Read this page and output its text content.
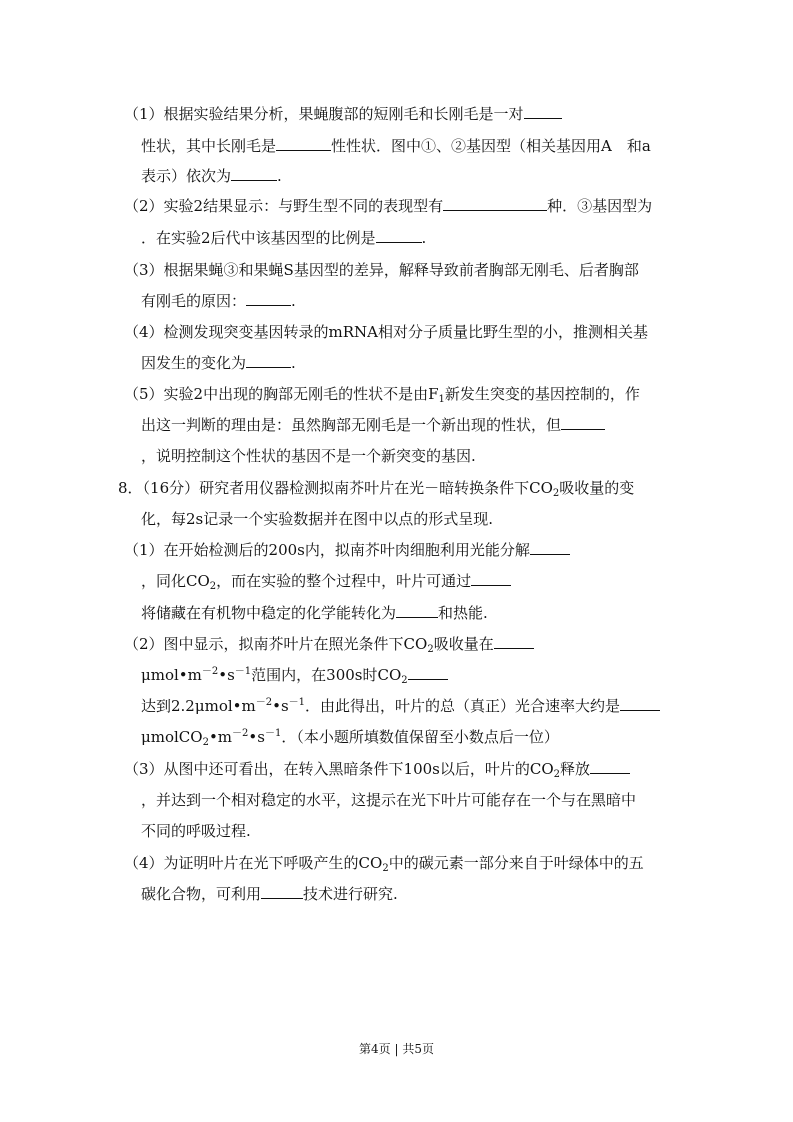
（1）根据实验结果分析，果蝇腹部的短刚毛和长刚毛是一对
性状，其中长刚毛是	性性状．图中①、②基因型（相关基因用A　和a
表示）依次为	.
（2）实验2结果显示：与野生型不同的表现型有	种．③基因型为
．在实验2后代中该基因型的比例是	.
（3）根据果蝇③和果蝇S基因型的差异，解释导致前者胸部无刚毛、后者胸部
有刚毛的原因：	.
（4）检测发现突变基因转录的mRNA相对分子质量比野生型的小，推测相关基
因发生的变化为	.
（5）实验2中出现的胸部无刚毛的性状不是由$F_1$新发生突变的基因控制的，作
出这一判断的理由是：虽然胸部无刚毛是一个新出现的性状，但
，说明控制这个性状的基因不是一个新突变的基因.
8．（16分）研究者用仪器检测拟南芥叶片在光－暗转换条件下$CO_2$吸收量的变
化，每2s记录一个实验数据并在图中以点的形式呈现.
（1）在开始检测后的200s内，拟南芥叶肉细胞利用光能分解
，同化$CO_2$，而在实验的整个过程中，叶片可通过
将储藏在有机物中稳定的化学能转化为	和热能.
（2）图中显示，拟南芥叶片在照光条件下$CO_2$吸收量在
$\mu mol•m^{-2}•s^{-1}$范围内，在300s时$CO_2$
达到$2.2\mu mol•m^{-2}•s^{-1}$．由此得出，叶片的总（真正）光合速率大约是
$\mu molCO_2•m^{-2}•s^{-1}$．（本小题所填数值保留至小数点后一位）
（3）从图中还可看出，在转入黑暗条件下100s以后，叶片的$CO_2$释放
，并达到一个相对稳定的水平，这提示在光下叶片可能存在一个与在黑暗中
不同的呼吸过程.
（4）为证明叶片在光下呼吸产生的$CO_2$中的碳元素一部分来自于叶绿体中的五
碳化合物，可利用	技术进行研究.
第4页 | 共5页
